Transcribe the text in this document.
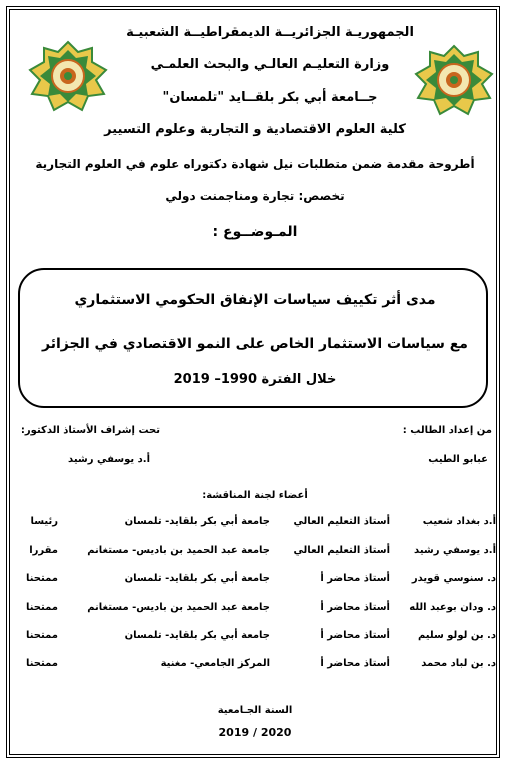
الجمهوريـة الجزائريــة الديمقراطيــة الشعبيـة
وزارة التعليـم العالـي والبحث العلمـي
جــامعة أبي بكر بلقــايد "تلمسان"
كلية العلوم الاقتصادية و التجارية وعلوم التسيير
أطروحة مقدمة ضمن متطلبات نيل شهادة دكتوراه علوم في العلوم التجارية
تخصص: تجارة ومناجمنت دولي
المـوضــوع :
مدى أثر تكييف سياسات الإنفاق الحكومي الاستثماري
مع سياسات الاستثمار الخاص على النمو الاقتصادي في الجزائر
خلال الفترة 1990– 2019
من إعداد الطالب :
عبابو الطيب
تحت إشراف الأستاذ الدكتور:
أ.د يوسفي رشيد
أعضاء لجنة المناقشة:
أ.د بغداد شعيب
أستاذ التعليم العالي
جامعة أبي بكر بلقايد- تلمسان
رئيسا
أ.د يوسفي رشيد
أستاذ التعليم العالي
جامعة عبد الحميد بن باديس- مستغانم
مقررا
د. سنوسي قويدر
أستاذ محاضر أ
جامعة أبي بكر بلقايد- تلمسان
ممتحنا
د. ودان بوعبد الله
أستاذ محاضر أ
جامعة عبد الحميد بن باديس- مستغانم
ممتحنا
د. بن لولو سليم
أستاذ محاضر أ
جامعة أبي بكر بلقايد- تلمسان
ممتحنا
د. بن لباد محمد
أستاذ محاضر أ
المركز الجامعي- مغنية
ممتحنا
السنة الجـامعية
2020 / 2019
